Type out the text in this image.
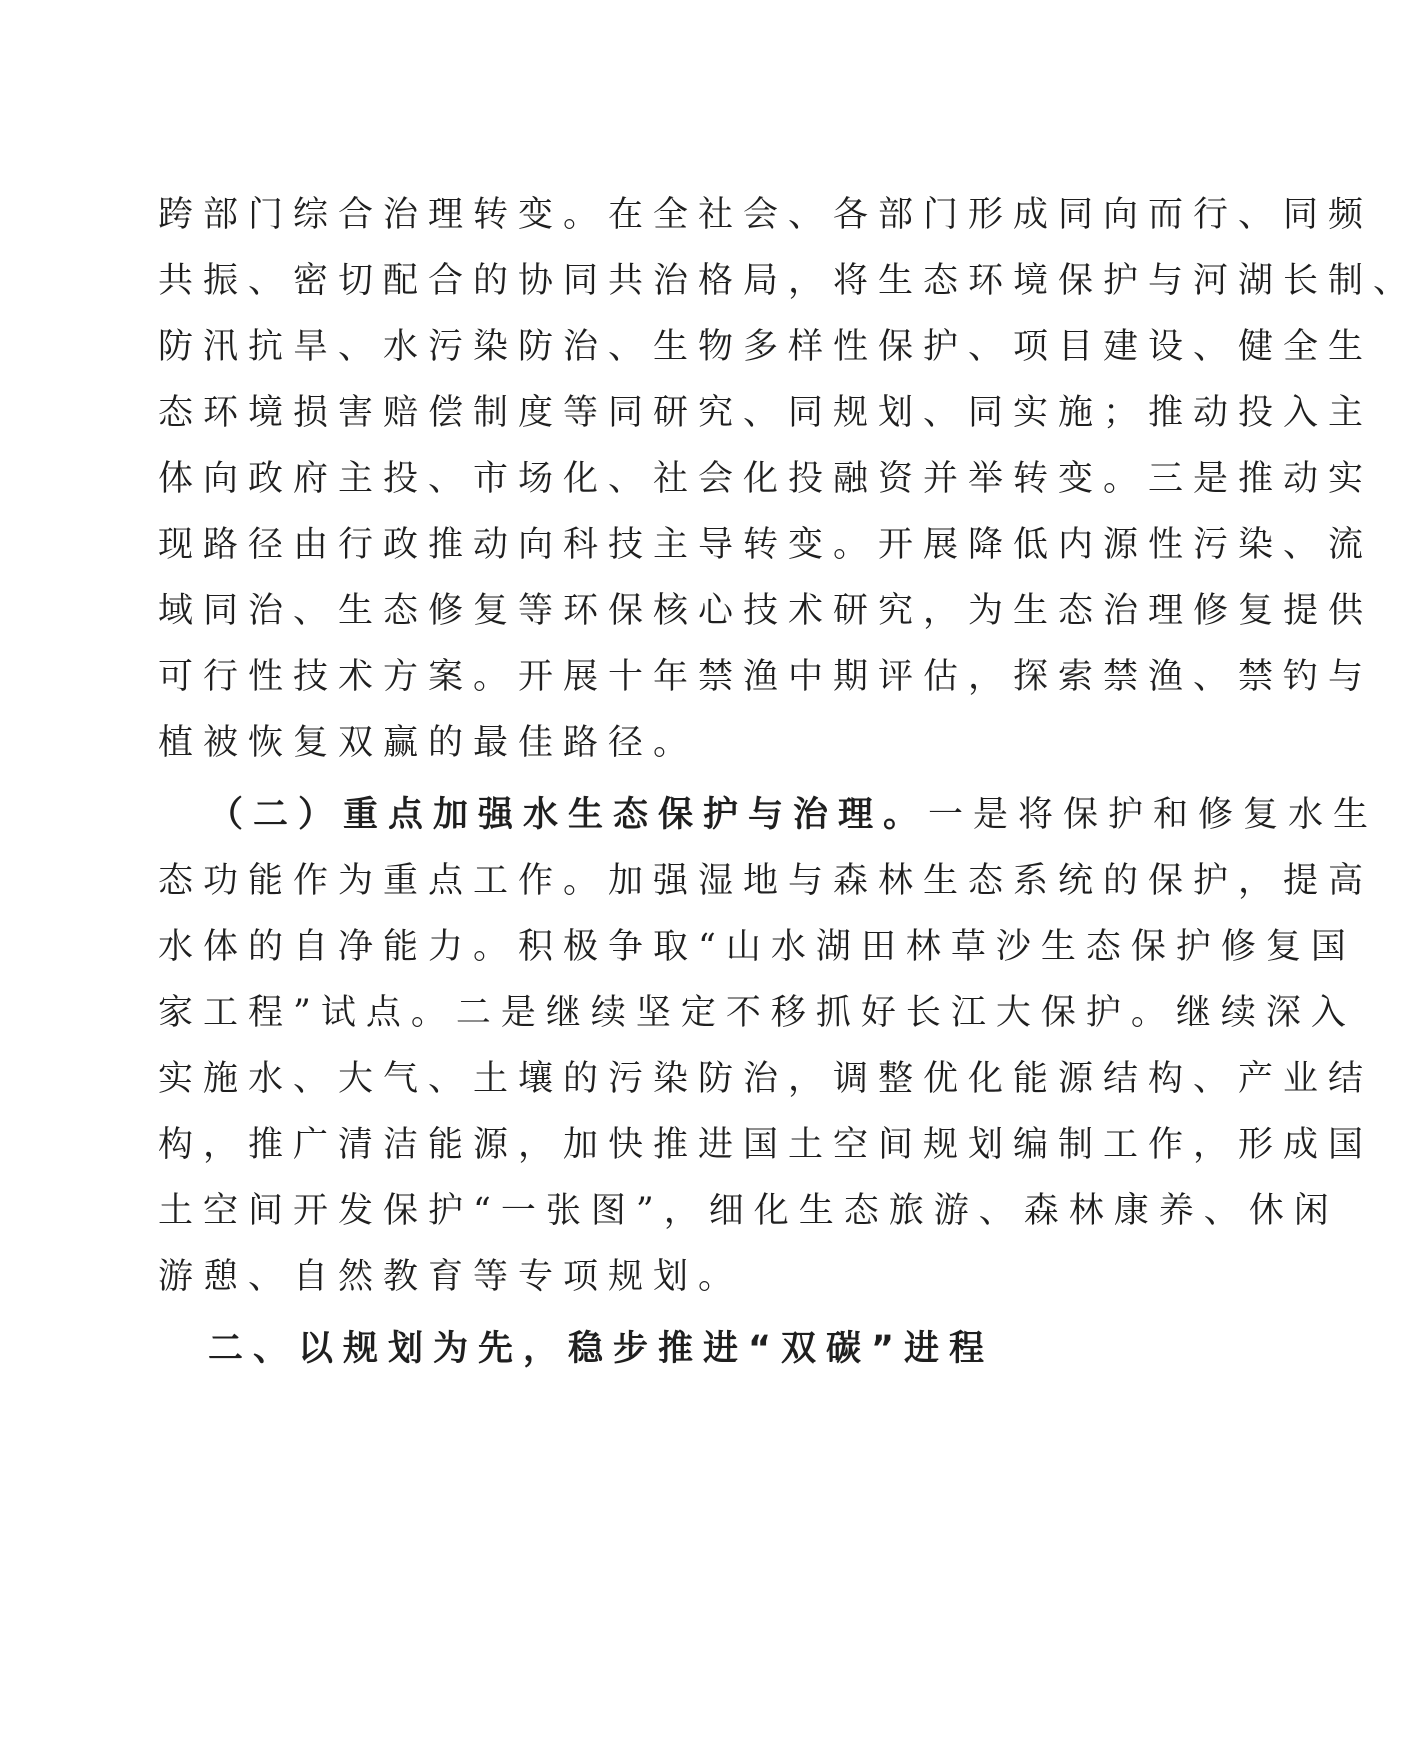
跨部门综合治理转变。在全社会、各部门形成同向而行、同频
共振、密切配合的协同共治格局，将生态环境保护与河湖长制、
防汛抗旱、水污染防治、生物多样性保护、项目建设、健全生
态环境损害赔偿制度等同研究、同规划、同实施；推动投入主
体向政府主投、市场化、社会化投融资并举转变。三是推动实
现路径由行政推动向科技主导转变。开展降低内源性污染、流
域同治、生态修复等环保核心技术研究，为生态治理修复提供
可行性技术方案。开展十年禁渔中期评估，探索禁渔、禁钓与
植被恢复双赢的最佳路径。
（二）重点加强水生态保护与治理。一是将保护和修复水生
态功能作为重点工作。加强湿地与森林生态系统的保护，提高
水体的自净能力。积极争取“山水湖田林草沙生态保护修复国
家工程”试点。二是继续坚定不移抓好长江大保护。继续深入
实施水、大气、土壤的污染防治，调整优化能源结构、产业结
构，推广清洁能源，加快推进国土空间规划编制工作，形成国
土空间开发保护“一张图”，细化生态旅游、森林康养、休闲
游憩、自然教育等专项规划。
二、以规划为先，稳步推进“双碳”进程
